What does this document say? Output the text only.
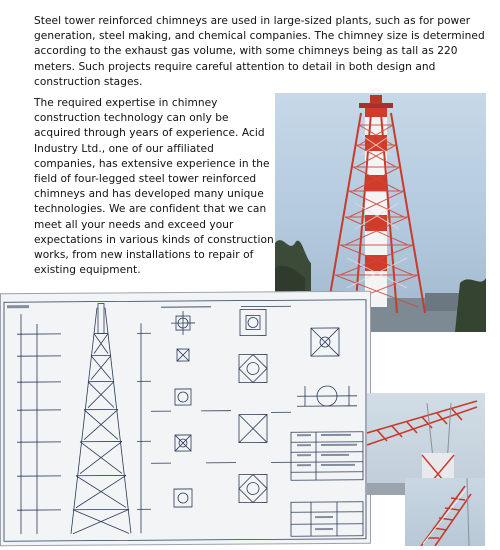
Steel tower reinforced chimneys are used in large-sized plants, such as for power generation, steel making, and chemical companies. The chimney size is determined according to the exhaust gas volume, with some chimneys being as tall as 220 meters. Such projects require careful attention to detail in both design and construction stages.

The required expertise in chimney construction technology can only be acquired through years of experience. Acid Industry Ltd., one of our affiliated companies, has extensive experience in the field of four-legged steel tower reinforced chimneys and has developed many unique technologies. We are confident that we can meet all your needs and exceed your expectations in various kinds of construction works, from new installations to repair of existing equipment.
